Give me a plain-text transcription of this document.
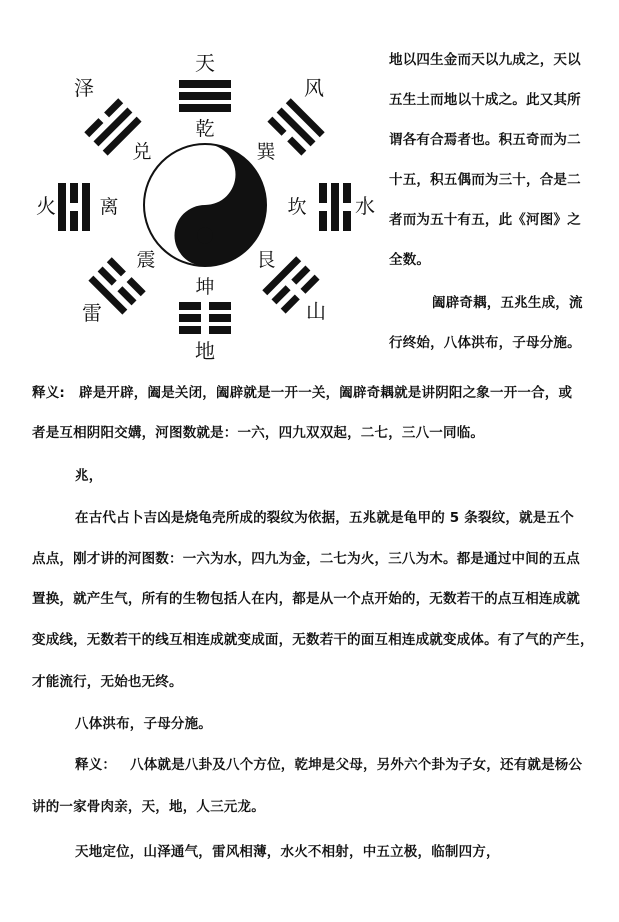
天
乾
坤
地
火 离	坎 水
泽
兑
风
巽
震
雷
艮
山
地以四生金而天以九成之，天以
五生土而地以十成之。此又其所
谓各有合焉者也。积五奇而为二
十五，积五偶而为三十，合是二
者而为五十有五，此《河图》之
全数。
阖辟奇耦，五兆生成，流
行终始，八体洪布，子母分施。
释义: 辟是开辟，阖是关闭，阖辟就是一开一关，阖辟奇耦就是讲阴阳之象一开一合，或
者是互相阴阳交媾，河图数就是：一六，四九双双起，二七，三八一同临。
兆，
在古代占卜吉凶是烧龟壳所成的裂纹为依据，五兆就是龟甲的 5 条裂纹，就是五个
点点，刚才讲的河图数：一六为水，四九为金，二七为火，三八为木。都是通过中间的五点
置换，就产生气，所有的生物包括人在内，都是从一个点开始的，无数若干的点互相连成就
变成线，无数若干的线互相连成就变成面，无数若干的面互相连成就变成体。有了气的产生，
才能流行，无始也无终。
八体洪布，子母分施。
释义： 八体就是八卦及八个方位，乾坤是父母，另外六个卦为子女，还有就是杨公
讲的一家骨肉亲，天，地，人三元龙。
天地定位，山泽通气，雷风相薄，水火不相射，中五立极，临制四方，
